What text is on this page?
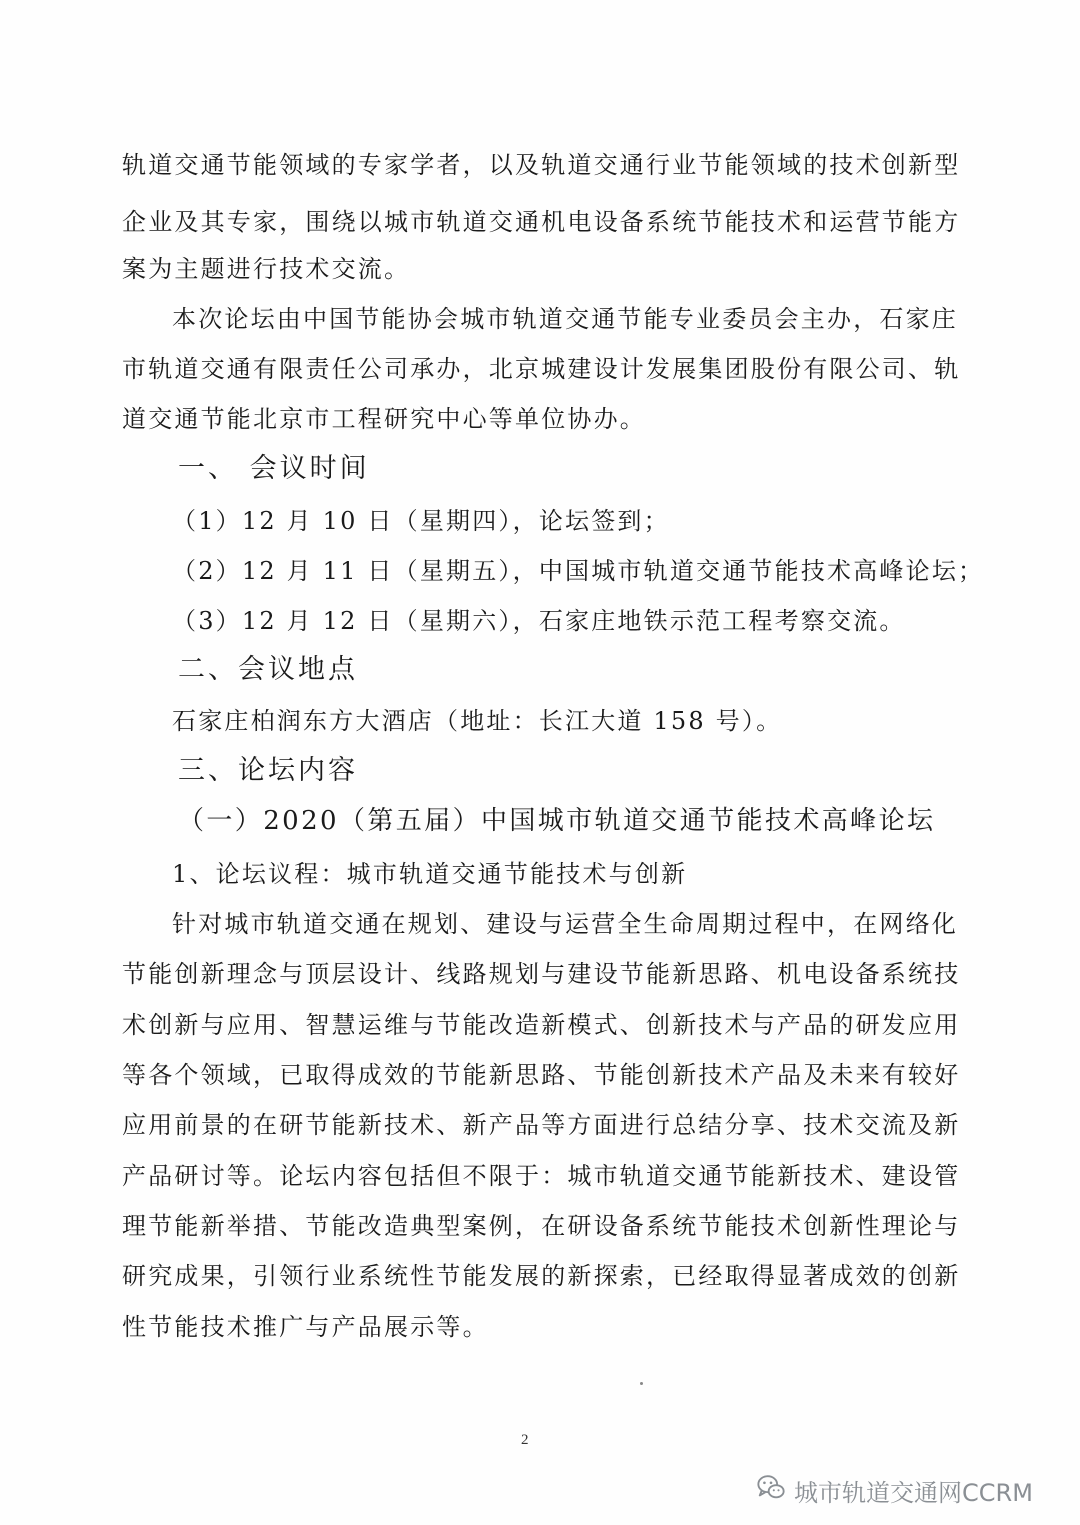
轨道交通节能领域的专家学者，以及轨道交通行业节能领域的技术创新型
企业及其专家，围绕以城市轨道交通机电设备系统节能技术和运营节能方
案为主题进行技术交流。
本次论坛由中国节能协会城市轨道交通节能专业委员会主办，石家庄
市轨道交通有限责任公司承办，北京城建设计发展集团股份有限公司、轨
道交通节能北京市工程研究中心等单位协办。
一、 会议时间
（1）12 月 10 日（星期四），论坛签到；
（2）12 月 11 日（星期五），中国城市轨道交通节能技术高峰论坛；
（3）12 月 12 日（星期六），石家庄地铁示范工程考察交流。
二、会议地点
石家庄柏润东方大酒店（地址：长江大道 158 号）。
三、论坛内容
（一）2020（第五届）中国城市轨道交通节能技术高峰论坛
1、论坛议程：城市轨道交通节能技术与创新
针对城市轨道交通在规划、建设与运营全生命周期过程中，在网络化
节能创新理念与顶层设计、线路规划与建设节能新思路、机电设备系统技
术创新与应用、智慧运维与节能改造新模式、创新技术与产品的研发应用
等各个领域，已取得成效的节能新思路、节能创新技术产品及未来有较好
应用前景的在研节能新技术、新产品等方面进行总结分享、技术交流及新
产品研讨等。论坛内容包括但不限于：城市轨道交通节能新技术、建设管
理节能新举措、节能改造典型案例，在研设备系统节能技术创新性理论与
研究成果，引领行业系统性节能发展的新探索，已经取得显著成效的创新
性节能技术推广与产品展示等。
2
城市轨道交通网CCRM
